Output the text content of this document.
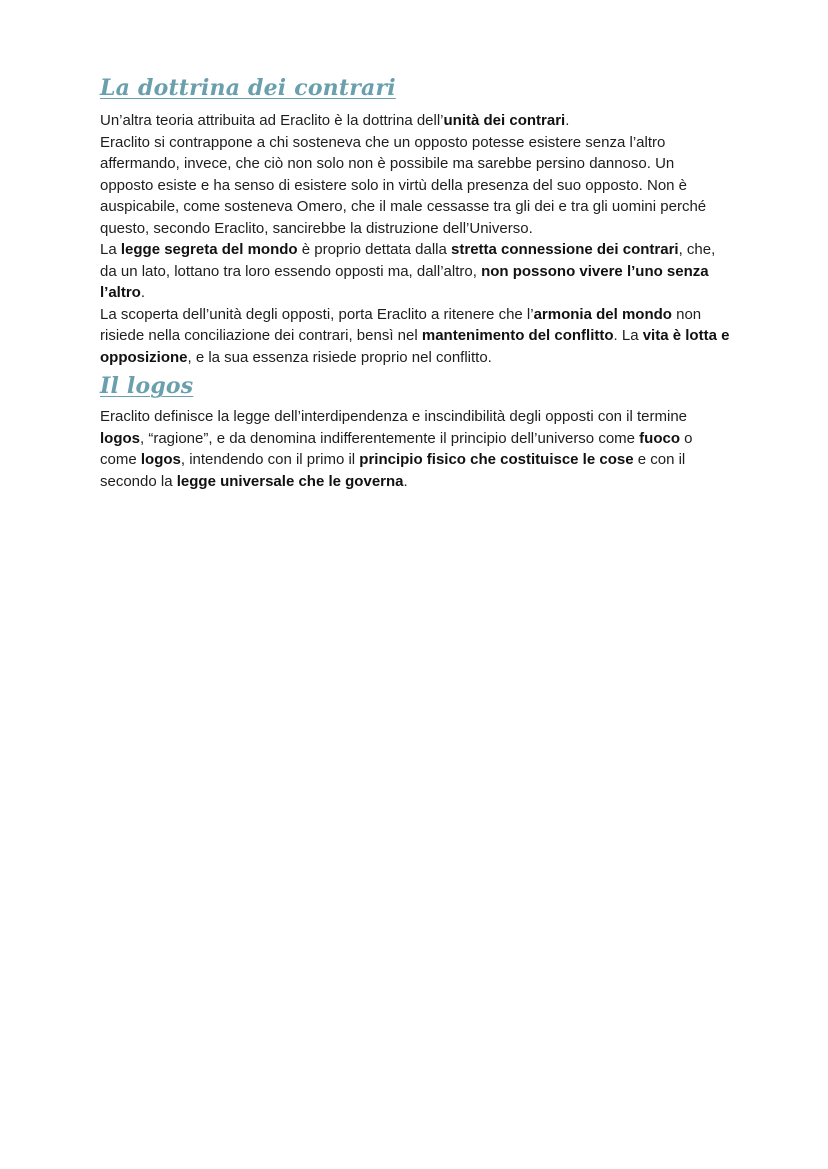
La dottrina dei contrari

Un’altra teoria attribuita ad Eraclito è la dottrina dell’unità dei contrari.
Eraclito si contrappone a chi sosteneva che un opposto potesse esistere senza l’altro affermando, invece, che ciò non solo non è possibile ma sarebbe persino dannoso. Un opposto esiste e ha senso di esistere solo in virtù della presenza del suo opposto. Non è auspicabile, come sosteneva Omero, che il male cessasse tra gli dei e tra gli uomini perché questo, secondo Eraclito, sancirebbe la distruzione dell’Universo.

La legge segreta del mondo è proprio dettata dalla stretta connessione dei contrari, che, da un lato, lottano tra loro essendo opposti ma, dall’altro, non possono vivere l’uno senza l’altro.

La scoperta dell’unità degli opposti, porta Eraclito a ritenere che l’armonia del mondo non risiede nella conciliazione dei contrari, bensì nel mantenimento del conflitto. La vita è lotta e opposizione, e la sua essenza risiede proprio nel conflitto.

Il logos

Eraclito definisce la legge dell’interdipendenza e inscindibilità degli opposti con il termine logos, “ragione”, e da denomina indifferentemente il principio dell’universo come fuoco o come logos, intendendo con il primo il principio fisico che costituisce le cose e con il secondo la legge universale che le governa.
